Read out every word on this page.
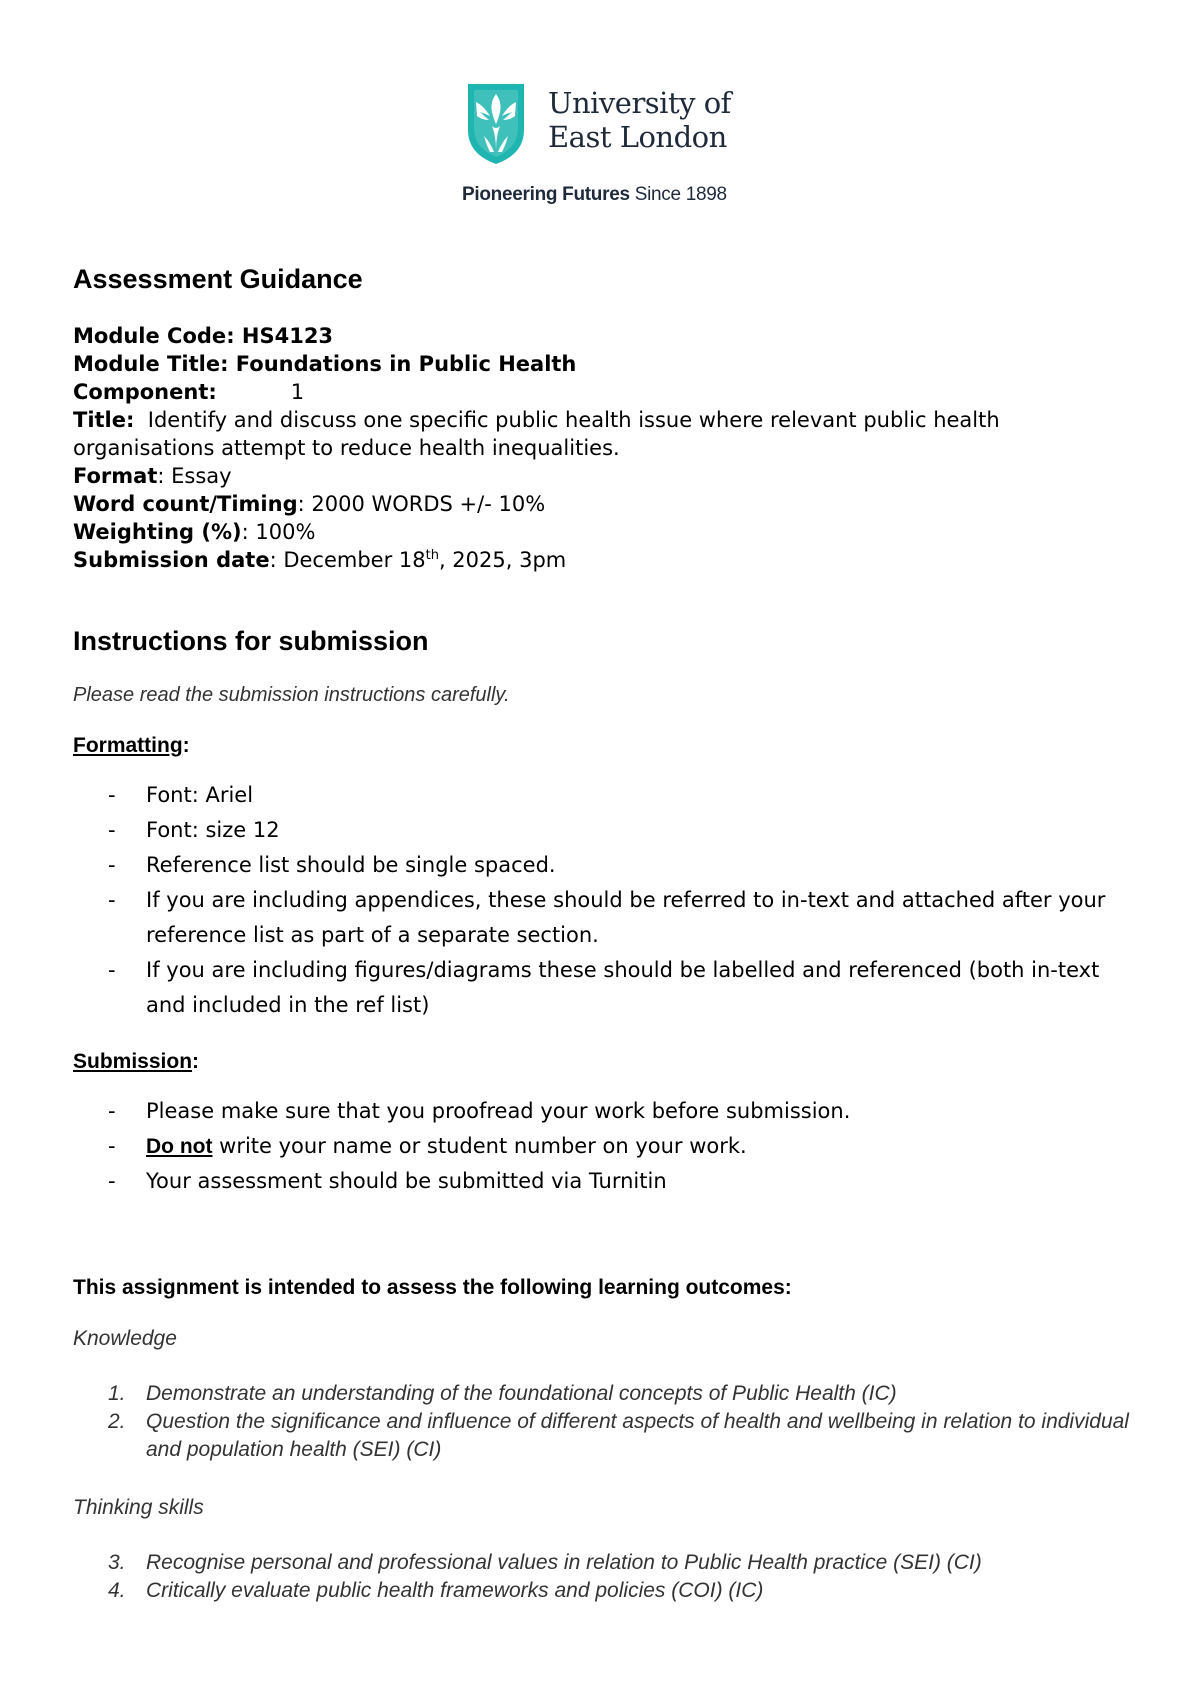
University of
East London
Pioneering Futures Since 1898
Assessment Guidance
Module Code: HS4123
Module Title: Foundations in Public Health
Component:	1
Title:  Identify and discuss one specific public health issue where relevant public health organisations attempt to reduce health inequalities.
Format: Essay
Word count/Timing: 2000 WORDS +/- 10%
Weighting (%): 100%
Submission date: December 18th, 2025, 3pm
Instructions for submission
Please read the submission instructions carefully.
Formatting:
- Font: Ariel
- Font: size 12
- Reference list should be single spaced.
- If you are including appendices, these should be referred to in-text and attached after your reference list as part of a separate section.
- If you are including figures/diagrams these should be labelled and referenced (both in-text and included in the ref list)
Submission:
- Please make sure that you proofread your work before submission.
- Do not write your name or student number on your work.
- Your assessment should be submitted via Turnitin
This assignment is intended to assess the following learning outcomes:
Knowledge
1. Demonstrate an understanding of the foundational concepts of Public Health (IC)
2. Question the significance and influence of different aspects of health and wellbeing in relation to individual and population health (SEI) (CI)
Thinking skills
3. Recognise personal and professional values in relation to Public Health practice (SEI) (CI)
4. Critically evaluate public health frameworks and policies (COI) (IC)
